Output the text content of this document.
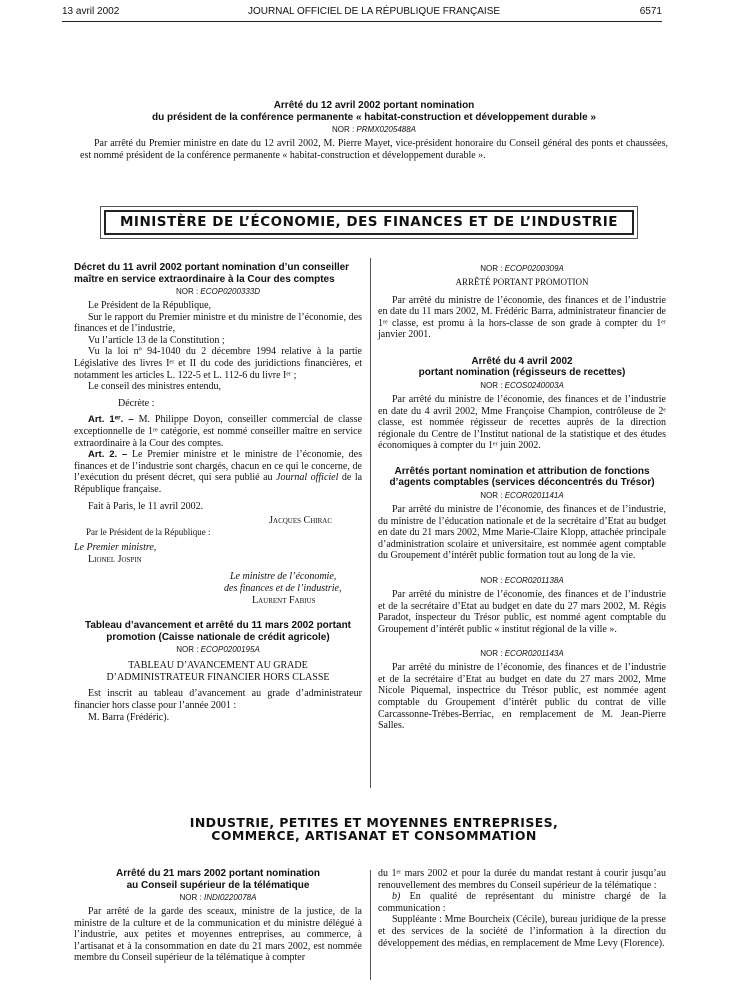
13 avril 2002	JOURNAL OFFICIEL DE LA RÉPUBLIQUE FRANÇAISE	6571
Arrêté du 12 avril 2002 portant nomination
du président de la conférence permanente « habitat-construction et développement durable »
NOR : PRMX0205488A

Par arrêté du Premier ministre en date du 12 avril 2002, M. Pierre Mayet, vice-président honoraire du Conseil général des ponts et chaussées, est nommé président de la conférence permanente « habitat-construction et développement durable ».

MINISTÈRE DE L’ÉCONOMIE, DES FINANCES ET DE L’INDUSTRIE
Décret du 11 avril 2002 portant nomination d’un conseiller maître en service extraordinaire à la Cour des comptes
NOR : ECOP0200333D

Le Président de la République,

Sur le rapport du Premier ministre et du ministre de l’économie, des finances et de l’industrie,

Vu l’article 13 de la Constitution ;

Vu la loi nº 94-1040 du 2 décembre 1994 relative à la partie Législative des livres Iᵉʳ et II du code des juridictions financières, et notamment les articles L. 122-5 et L. 112-6 du livre Iᵉʳ ;

Le conseil des ministres entendu,

Décrète :

Art. 1ᵉʳ. – M. Philippe Doyon, conseiller commercial de classe exceptionnelle de 1ʳᵉ catégorie, est nommé conseiller maître en service extraordinaire à la Cour des comptes.

Art. 2. – Le Premier ministre et le ministre de l’économie, des finances et de l’industrie sont chargés, chacun en ce qui le concerne, de l’exécution du présent décret, qui sera publié au Journal officiel de la République française.

Fait à Paris, le 11 avril 2002.

Jacques Chirac
Par le Président de la République :
Le Premier ministre,
Lionel Jospin
Le ministre de l’économie,
des finances et de l’industrie,
Laurent Fabius
Tableau d’avancement et arrêté du 11 mars 2002 portant promotion (Caisse nationale de crédit agricole)
NOR : ECOP0200195A
TABLEAU D’AVANCEMENT AU GRADE
D’ADMINISTRATEUR FINANCIER HORS CLASSE

Est inscrit au tableau d’avancement au grade d’administrateur financier hors classe pour l’année 2001 :

M. Barra (Frédéric).

NOR : ECOP0200309A
ARRÊTÉ PORTANT PROMOTION

Par arrêté du ministre de l’économie, des finances et de l’industrie en date du 11 mars 2002, M. Frédéric Barra, administrateur financier de 1ʳᵉ classe, est promu à la hors-classe de son grade à compter du 1ᵉʳ janvier 2001.

Arrêté du 4 avril 2002
portant nomination (régisseurs de recettes)
NOR : ECOS0240003A

Par arrêté du ministre de l’économie, des finances et de l’industrie en date du 4 avril 2002, Mme Françoise Champion, contrôleuse de 2ᵉ classe, est nommée régisseur de recettes auprès de la direction régionale du Centre de l’Institut national de la statistique et des études économiques à compter du 1ᵉʳ juin 2002.

Arrêtés portant nomination et attribution de fonctions d’agents comptables (services déconcentrés du Trésor)
NOR : ECOR0201141A

Par arrêté du ministre de l’économie, des finances et de l’industrie, du ministre de l’éducation nationale et de la secrétaire d’Etat au budget en date du 21 mars 2002, Mme Marie-Claire Klopp, attachée principale d’administration scolaire et universitaire, est nommée agent comptable du Groupement d’intérêt public formation tout au long de la vie.

NOR : ECOR0201138A

Par arrêté du ministre de l’économie, des finances et de l’industrie et de la secrétaire d’Etat au budget en date du 27 mars 2002, M. Régis Paradot, inspecteur du Trésor public, est nommé agent comptable du Groupement d’intérêt public « institut régional de la ville ».

NOR : ECOR0201143A

Par arrêté du ministre de l’économie, des finances et de l’industrie et de la secrétaire d’Etat au budget en date du 27 mars 2002, Mme Nicole Piquemal, inspectrice du Trésor public, est nommée agent comptable du Groupement d’intérêt public du contrat de ville Carcassonne-Trèbes-Berriac, en remplacement de M. Jean-Pierre Salles.

INDUSTRIE, PETITES ET MOYENNES ENTREPRISES,
COMMERCE, ARTISANAT ET CONSOMMATION
Arrêté du 21 mars 2002 portant nomination
au Conseil supérieur de la télématique
NOR : INDI0220078A

Par arrêté de la garde des sceaux, ministre de la justice, de la ministre de la culture et de la communication et du ministre délégué à l’industrie, aux petites et moyennes entreprises, au commerce, à l’artisanat et à la consommation en date du 21 mars 2002, est nommée membre du Conseil supérieur de la télématique à compter

du 1ᵉʳ mars 2002 et pour la durée du mandat restant à courir jusqu’au renouvellement des membres du Conseil supérieur de la télématique :

b) En qualité de représentant du ministre chargé de la communication :

Suppléante : Mme Bourcheix (Cécile), bureau juridique de la presse et des services de la société de l’information à la direction du développement des médias, en remplacement de Mme Levy (Florence).
